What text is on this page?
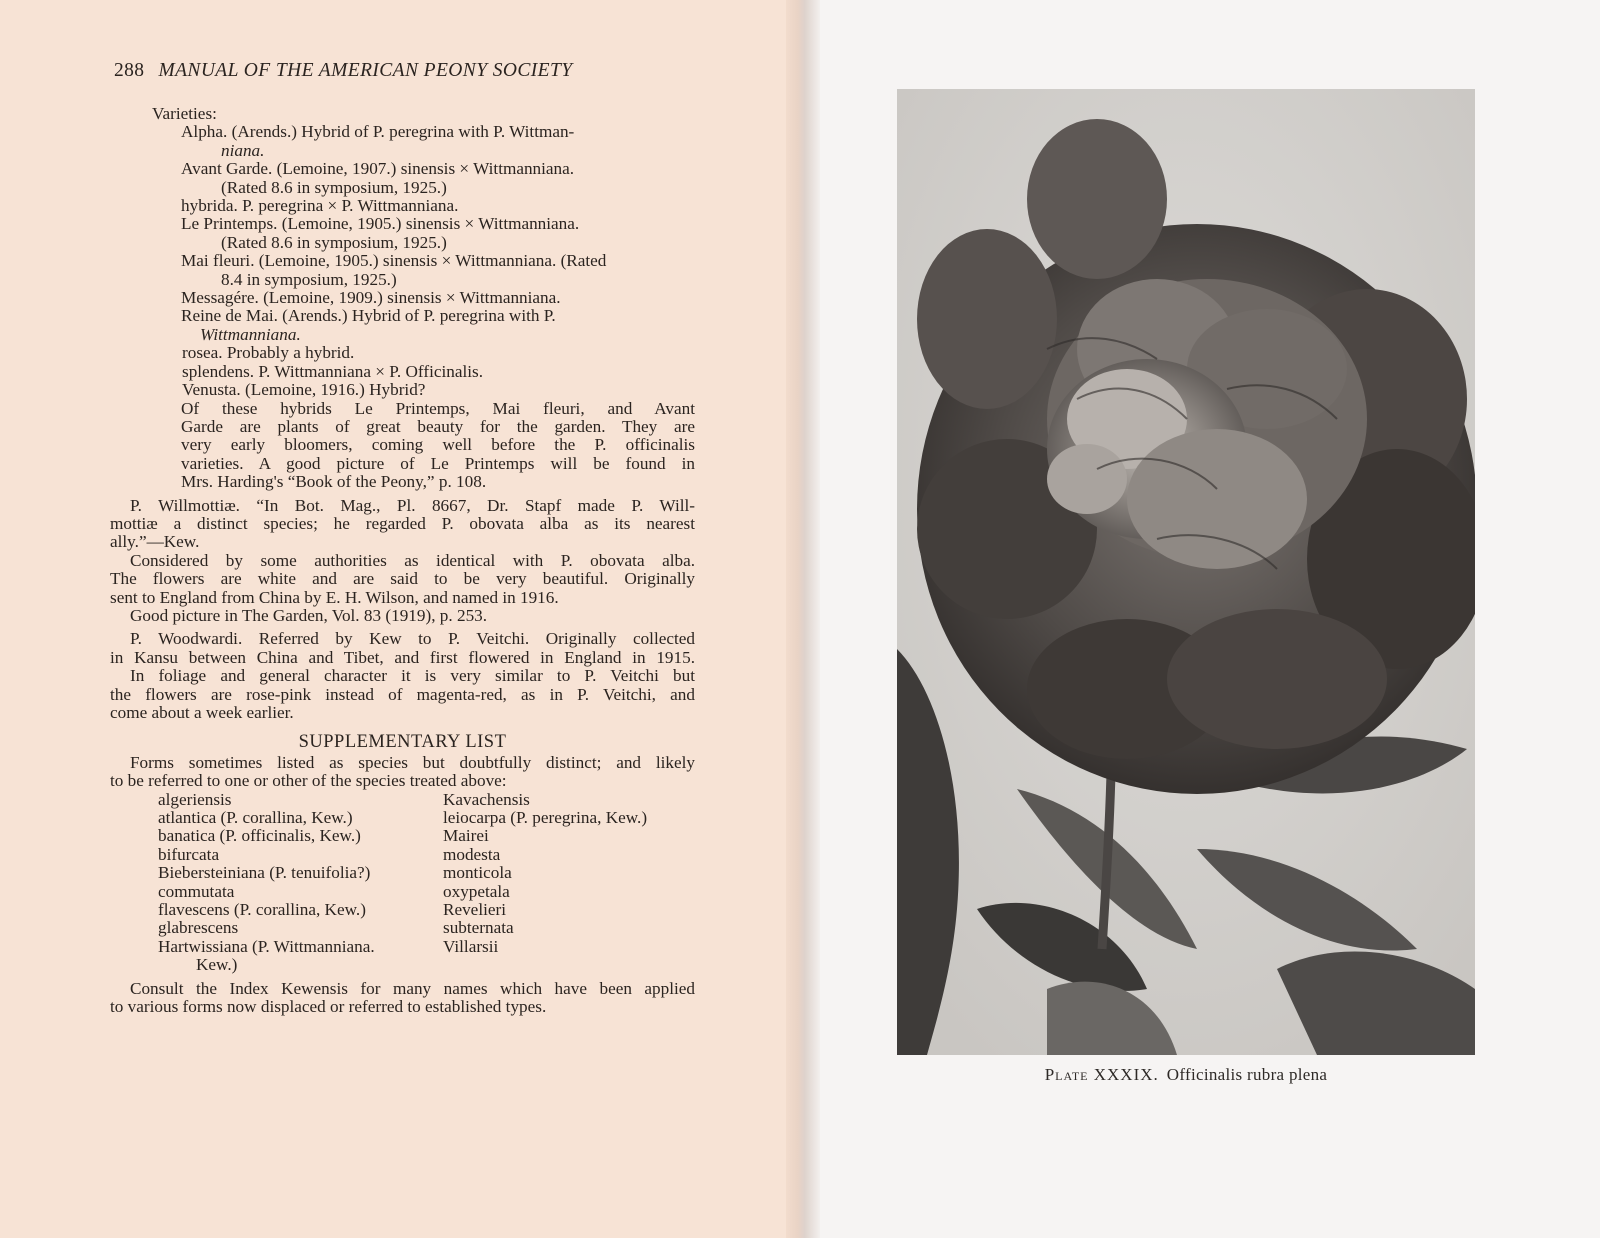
288 MANUAL OF THE AMERICAN PEONY SOCIETY
Varieties:
Alpha. (Arends.) Hybrid of P. peregrina with P. Wittman-
niana.
Avant Garde. (Lemoine, 1907.) sinensis × Wittmanniana.
(Rated 8.6 in symposium, 1925.)
hybrida. P. peregrina × P. Wittmanniana.
Le Printemps. (Lemoine, 1905.) sinensis × Wittmanniana.
(Rated 8.6 in symposium, 1925.)
Mai fleuri. (Lemoine, 1905.) sinensis × Wittmanniana. (Rated
8.4 in symposium, 1925.)
Messagére. (Lemoine, 1909.) sinensis × Wittmanniana.
Reine de Mai. (Arends.) Hybrid of P. peregrina with P.
Wittmanniana.
rosea. Probably a hybrid.
splendens. P. Wittmanniana × P. Officinalis.
Venusta. (Lemoine, 1916.) Hybrid?
Of these hybrids Le Printemps, Mai fleuri, and Avant
Garde are plants of great beauty for the garden. They are
very early bloomers, coming well before the P. officinalis
varieties. A good picture of Le Printemps will be found in
Mrs. Harding's “Book of the Peony,” p. 108.
P. Willmottiæ. “In Bot. Mag., Pl. 8667, Dr. Stapf made P. Will-
mottiæ a distinct species; he regarded P. obovata alba as its nearest
ally.”—Kew.
Considered by some authorities as identical with P. obovata alba.
The flowers are white and are said to be very beautiful. Originally
sent to England from China by E. H. Wilson, and named in 1916.
Good picture in The Garden, Vol. 83 (1919), p. 253.
P. Woodwardi. Referred by Kew to P. Veitchi. Originally collected
in Kansu between China and Tibet, and first flowered in England in 1915.
In foliage and general character it is very similar to P. Veitchi but
the flowers are rose-pink instead of magenta-red, as in P. Veitchi, and
come about a week earlier.
SUPPLEMENTARY LIST
Forms sometimes listed as species but doubtfully distinct; and likely
to be referred to one or other of the species treated above:
algeriensis
atlantica (P. corallina, Kew.)
banatica (P. officinalis, Kew.)
bifurcata
Biebersteiniana (P. tenuifolia?)
commutata
flavescens (P. corallina, Kew.)
glabrescens
Hartwissiana (P. Wittmanniana.
Kew.)
Kavachensis
leiocarpa (P. peregrina, Kew.)
Mairei
modesta
monticola
oxypetala
Revelieri
subternata
Villarsii
Consult the Index Kewensis for many names which have been applied
to various forms now displaced or referred to established types.
Plate XXXIX. Officinalis rubra plena
